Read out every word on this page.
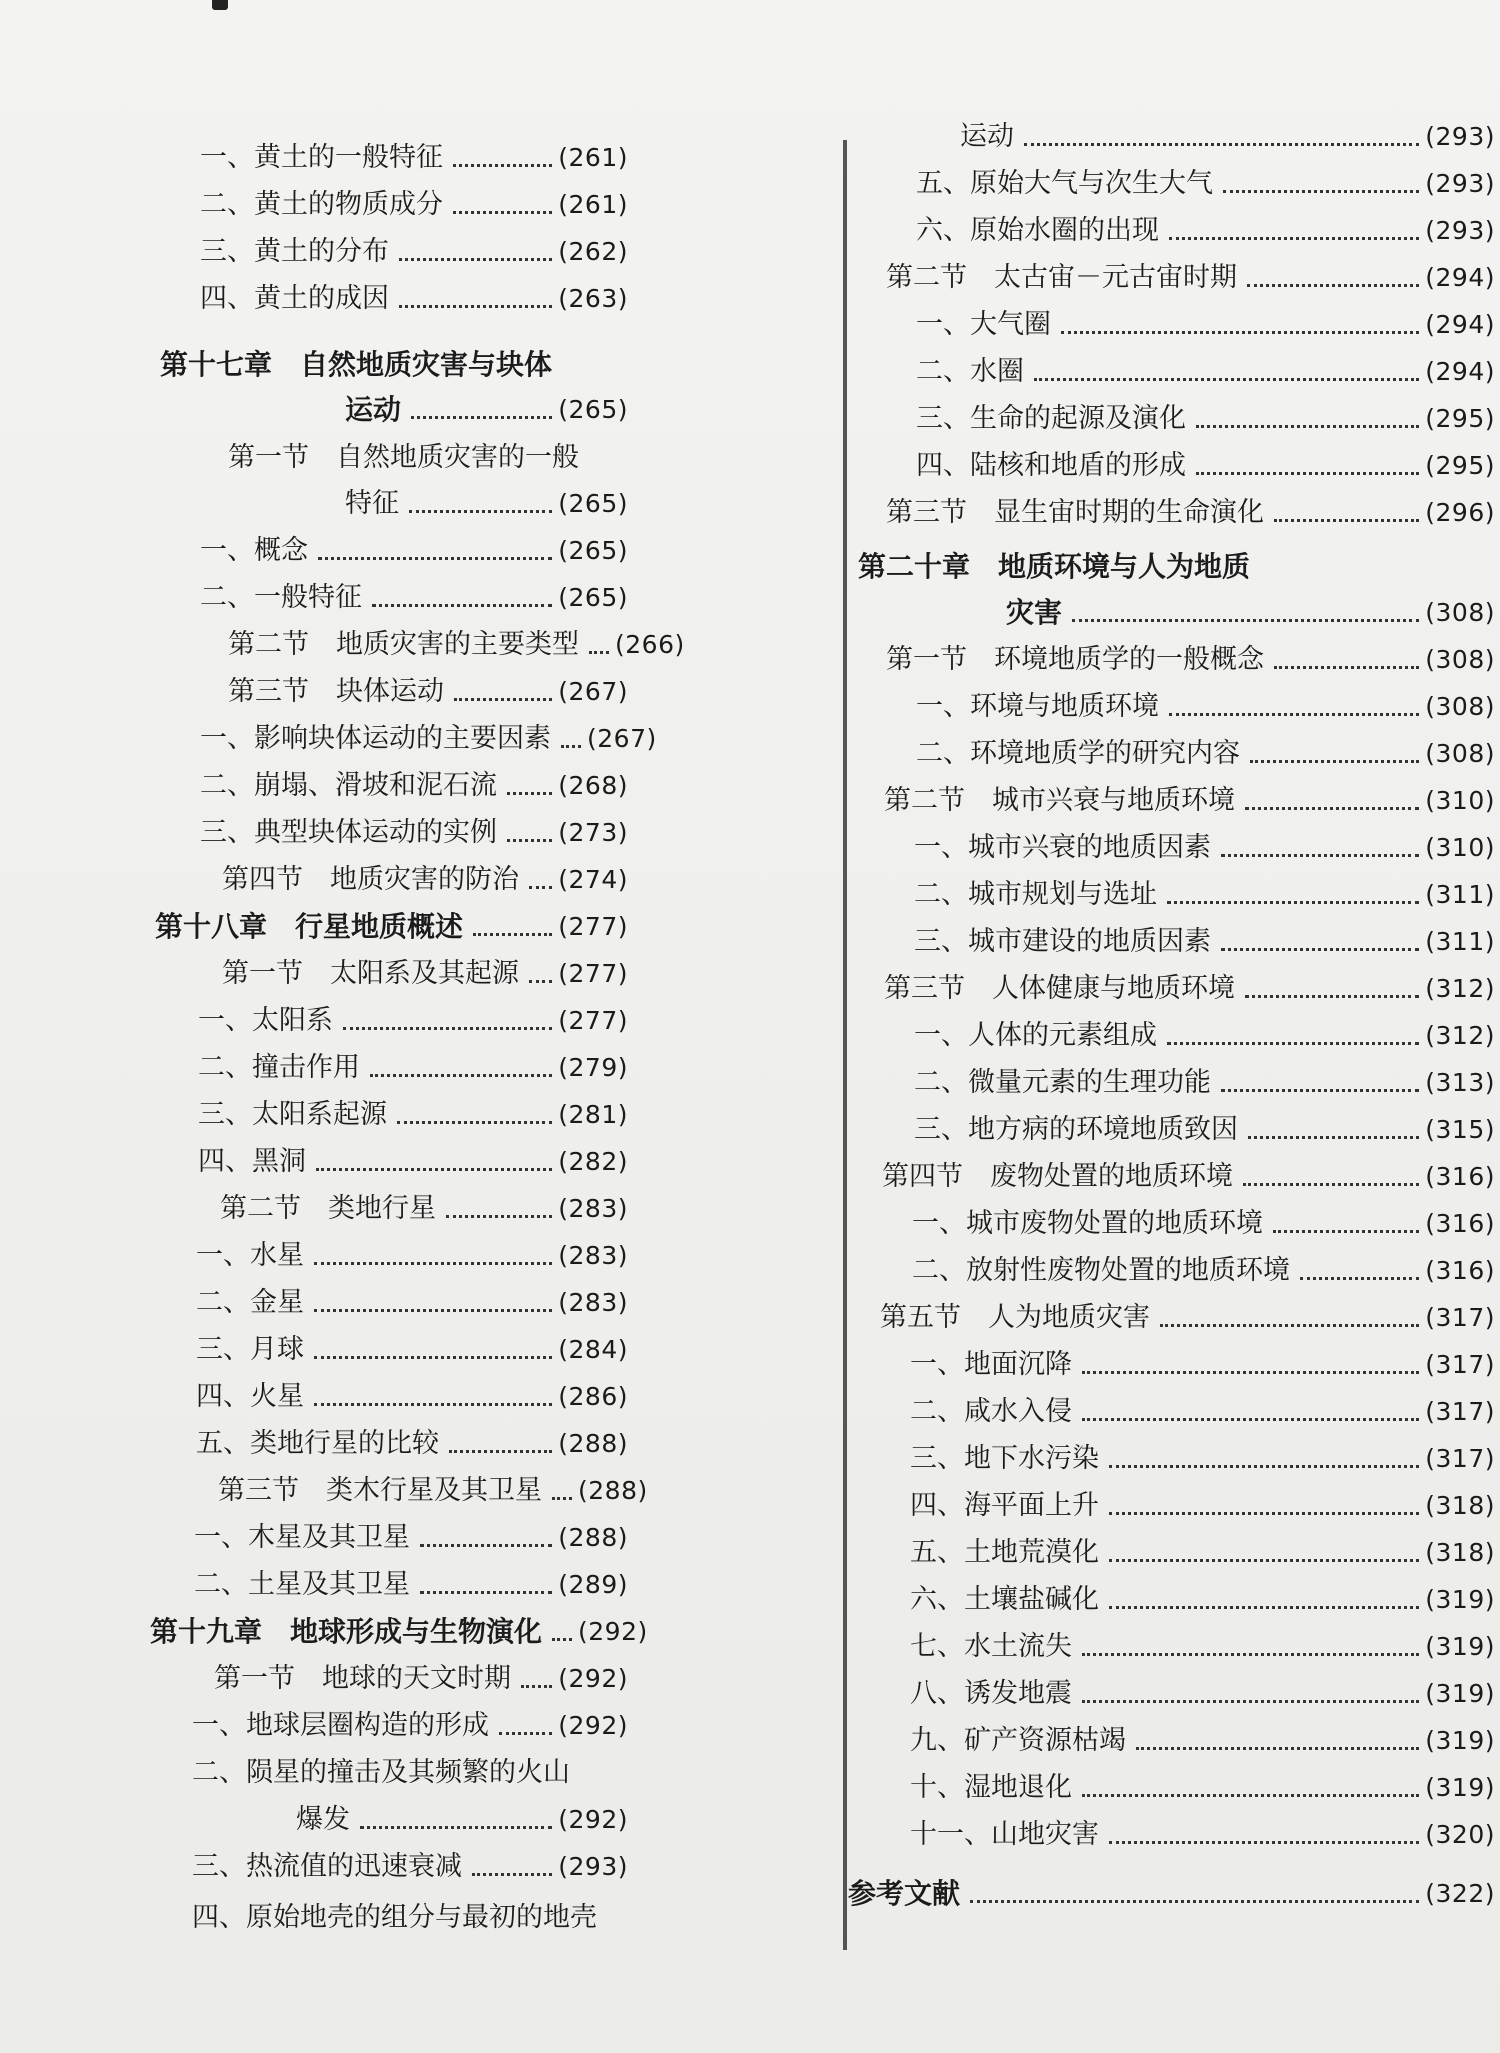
一、黄土的一般特征	(261)
二、黄土的物质成分	(261)
三、黄土的分布	(262)
四、黄土的成因	(263)
第十七章　自然地质灾害与块体
运动	(265)
第一节　自然地质灾害的一般
特征	(265)
一、概念	(265)
二、一般特征	(265)
第二节　地质灾害的主要类型 (266)
第三节　块体运动	(267)
一、影响块体运动的主要因素 (267)
二、崩塌、滑坡和泥石流 (268)
三、典型块体运动的实例 (273)
第四节　地质灾害的防治 (274)
第十八章　行星地质概述	(277)
第一节　太阳系及其起源 (277)
一、太阳系	(277)
二、撞击作用	(279)
三、太阳系起源	(281)
四、黑洞	(282)
第二节　类地行星	(283)
一、水星	(283)
二、金星	(283)
三、月球	(284)
四、火星	(286)
五、类地行星的比较	(288)
第三节　类木行星及其卫星 (288)
一、木星及其卫星	(288)
二、土星及其卫星	(289)
第十九章　地球形成与生物演化 (292)
第一节　地球的天文时期 (292)
一、地球层圈构造的形成	(292)
二、陨星的撞击及其频繁的火山
爆发	(292)
三、热流值的迅速衰减	(293)
四、原始地壳的组分与最初的地壳
运动	(293)
五、原始大气与次生大气	(293)
六、原始水圈的出现	(293)
第二节　太古宙－元古宙时期	(294)
一、大气圈	(294)
二、水圈	(294)
三、生命的起源及演化	(295)
四、陆核和地盾的形成	(295)
第三节　显生宙时期的生命演化	(296)
第二十章　地质环境与人为地质
灾害	(308)
第一节　环境地质学的一般概念	(308)
一、环境与地质环境	(308)
二、环境地质学的研究内容	(308)
第二节　城市兴衰与地质环境	(310)
一、城市兴衰的地质因素	(310)
二、城市规划与选址	(311)
三、城市建设的地质因素	(311)
第三节　人体健康与地质环境	(312)
一、人体的元素组成	(312)
二、微量元素的生理功能	(313)
三、地方病的环境地质致因	(315)
第四节　废物处置的地质环境	(316)
一、城市废物处置的地质环境	(316)
二、放射性废物处置的地质环境	(316)
第五节　人为地质灾害	(317)
一、地面沉降	(317)
二、咸水入侵	(317)
三、地下水污染	(317)
四、海平面上升	(318)
五、土地荒漠化	(318)
六、土壤盐碱化	(319)
七、水土流失	(319)
八、诱发地震	(319)
九、矿产资源枯竭	(319)
十、湿地退化	(319)
十一、山地灾害	(320)
参考文献	(322)
